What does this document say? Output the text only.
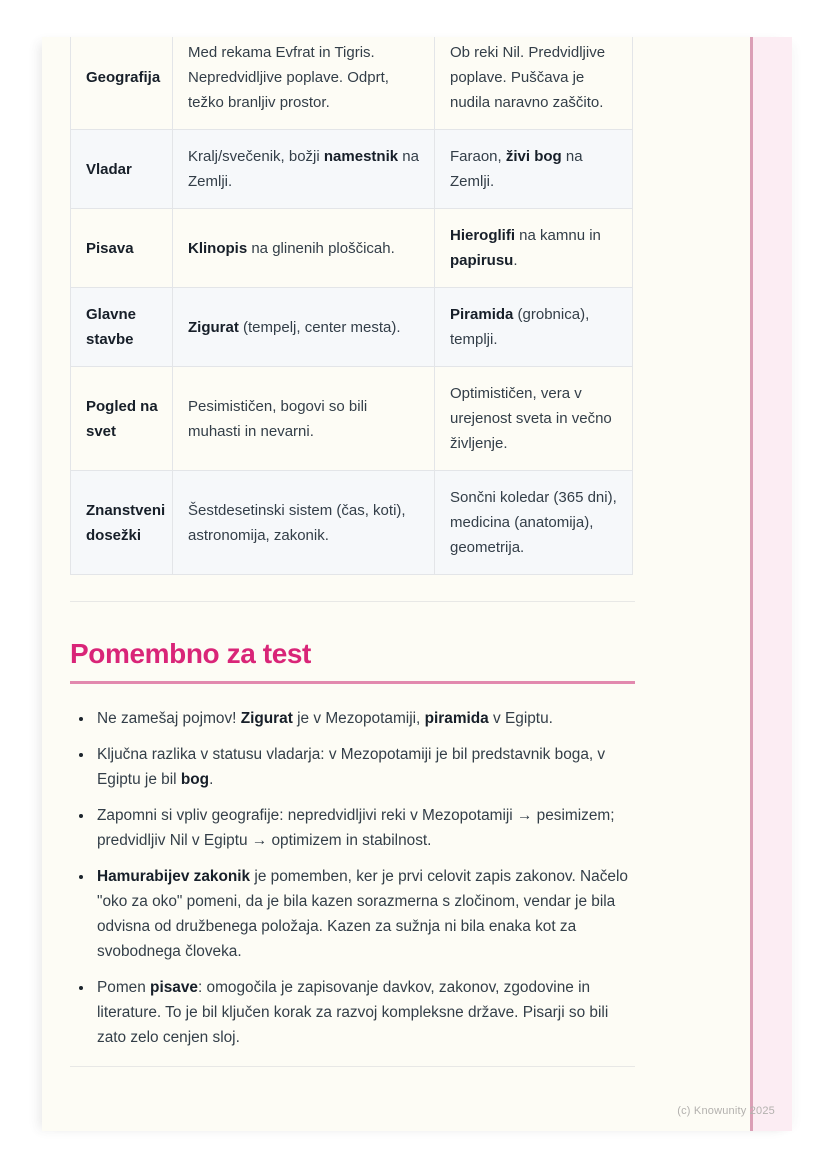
Geografija	Med rekama Evfrat in Tigris. Nepredvidljive poplave. Odprt, težko branljiv prostor.	Ob reki Nil. Predvidljive poplave. Puščava je nudila naravno zaščito.
Vladar	Kralj/svečenik, božji namestnik na Zemlji.	Faraon, živi bog na Zemlji.
Pisava	Klinopis na glinenih ploščicah.	Hieroglifi na kamnu in papirusu.
Glavne stavbe	Zigurat (tempelj, center mesta).	Piramida (grobnica), templji.
Pogled na svet	Pesimističen, bogovi so bili muhasti in nevarni.	Optimističen, vera v urejenost sveta in večno življenje.
Znanstveni dosežki	Šestdesetinski sistem (čas, koti), astronomija, zakonik.	Sončni koledar (365 dni), medicina (anatomija), geometrija.
Pomembno za test
• Ne zamešaj pojmov! Zigurat je v Mezopotamiji, piramida v Egiptu.
• Ključna razlika v statusu vladarja: v Mezopotamiji je bil predstavnik boga, v Egiptu je bil bog.
• Zapomni si vpliv geografije: nepredvidljivi reki v Mezopotamiji → pesimizem; predvidljiv Nil v Egiptu → optimizem in stabilnost.
• Hamurabijev zakonik je pomemben, ker je prvi celovit zapis zakonov. Načelo "oko za oko" pomeni, da je bila kazen sorazmerna s zločinom, vendar je bila odvisna od družbenega položaja. Kazen za sužnja ni bila enaka kot za svobodnega človeka.
• Pomen pisave: omogočila je zapisovanje davkov, zakonov, zgodovine in literature. To je bil ključen korak za razvoj kompleksne države. Pisarji so bili zato zelo cenjen sloj.
(c) Knowunity 2025
